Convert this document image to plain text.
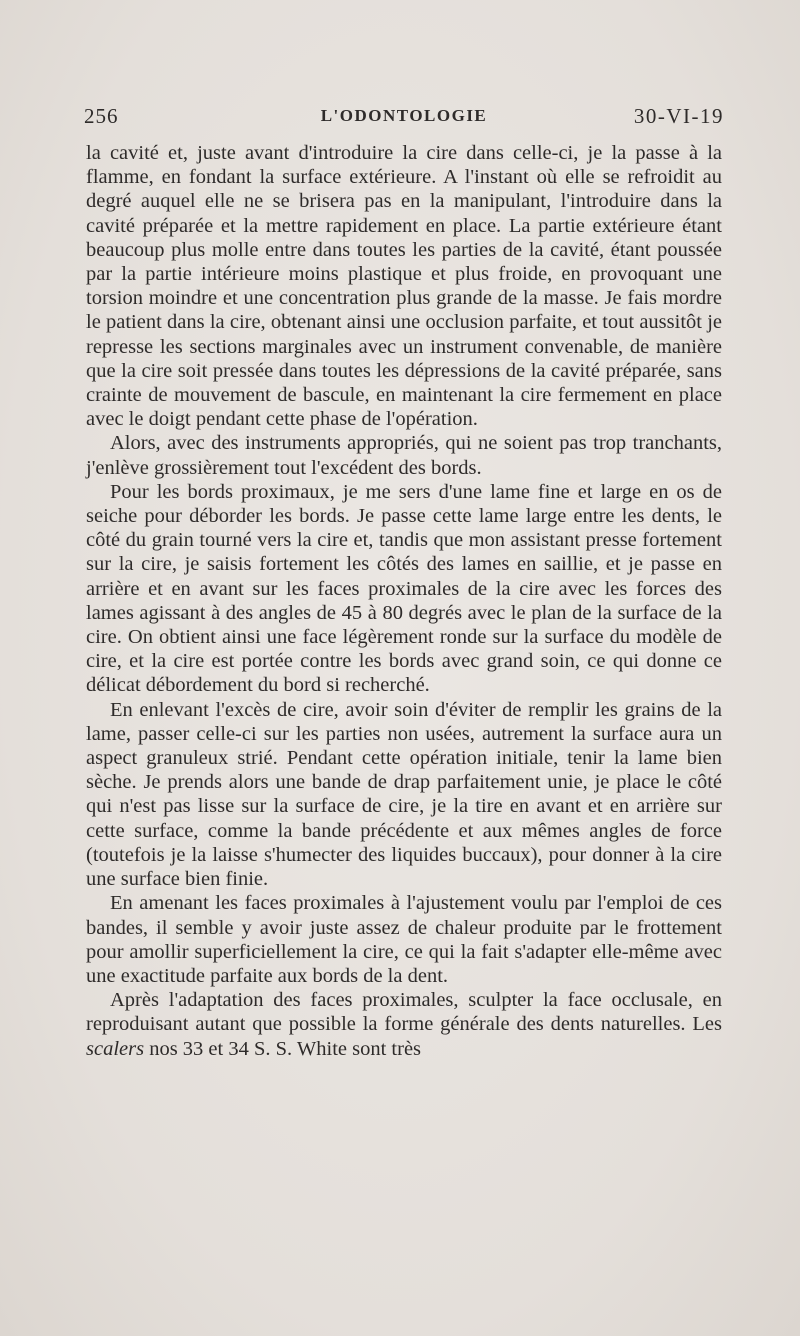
256	L'ODONTOLOGIE	30-VI-19

la cavité et, juste avant d'introduire la cire dans celle-ci, je la passe à la flamme, en fondant la surface extérieure. A l'instant où elle se refroidit au degré auquel elle ne se brisera pas en la manipulant, l'introduire dans la cavité préparée et la mettre rapidement en place. La partie extérieure étant beaucoup plus molle entre dans toutes les parties de la cavité, étant poussée par la partie intérieure moins plastique et plus froide, en provoquant une torsion moindre et une concentration plus grande de la masse. Je fais mordre le patient dans la cire, obtenant ainsi une occlusion parfaite, et tout aussitôt je represse les sections marginales avec un instrument convenable, de manière que la cire soit pressée dans toutes les dépressions de la cavité préparée, sans crainte de mouvement de bascule, en maintenant la cire fermement en place avec le doigt pendant cette phase de l'opération.

Alors, avec des instruments appropriés, qui ne soient pas trop tranchants, j'enlève grossièrement tout l'excédent des bords.

Pour les bords proximaux, je me sers d'une lame fine et large en os de seiche pour déborder les bords. Je passe cette lame large entre les dents, le côté du grain tourné vers la cire et, tandis que mon assistant presse fortement sur la cire, je saisis fortement les côtés des lames en saillie, et je passe en arrière et en avant sur les faces proximales de la cire avec les forces des lames agissant à des angles de 45 à 80 degrés avec le plan de la surface de la cire. On obtient ainsi une face légèrement ronde sur la surface du modèle de cire, et la cire est portée contre les bords avec grand soin, ce qui donne ce délicat débordement du bord si recherché.

En enlevant l'excès de cire, avoir soin d'éviter de remplir les grains de la lame, passer celle-ci sur les parties non usées, autrement la surface aura un aspect granuleux strié. Pendant cette opération initiale, tenir la lame bien sèche. Je prends alors une bande de drap parfaitement unie, je place le côté qui n'est pas lisse sur la surface de cire, je la tire en avant et en arrière sur cette surface, comme la bande précédente et aux mêmes angles de force (toutefois je la laisse s'humecter des liquides buccaux), pour donner à la cire une surface bien finie.

En amenant les faces proximales à l'ajustement voulu par l'emploi de ces bandes, il semble y avoir juste assez de chaleur produite par le frottement pour amollir superficiellement la cire, ce qui la fait s'adapter elle-même avec une exactitude parfaite aux bords de la dent.

Après l'adaptation des faces proximales, sculpter la face occlusale, en reproduisant autant que possible la forme générale des dents naturelles. Les scalers nos 33 et 34 S. S. White sont très
